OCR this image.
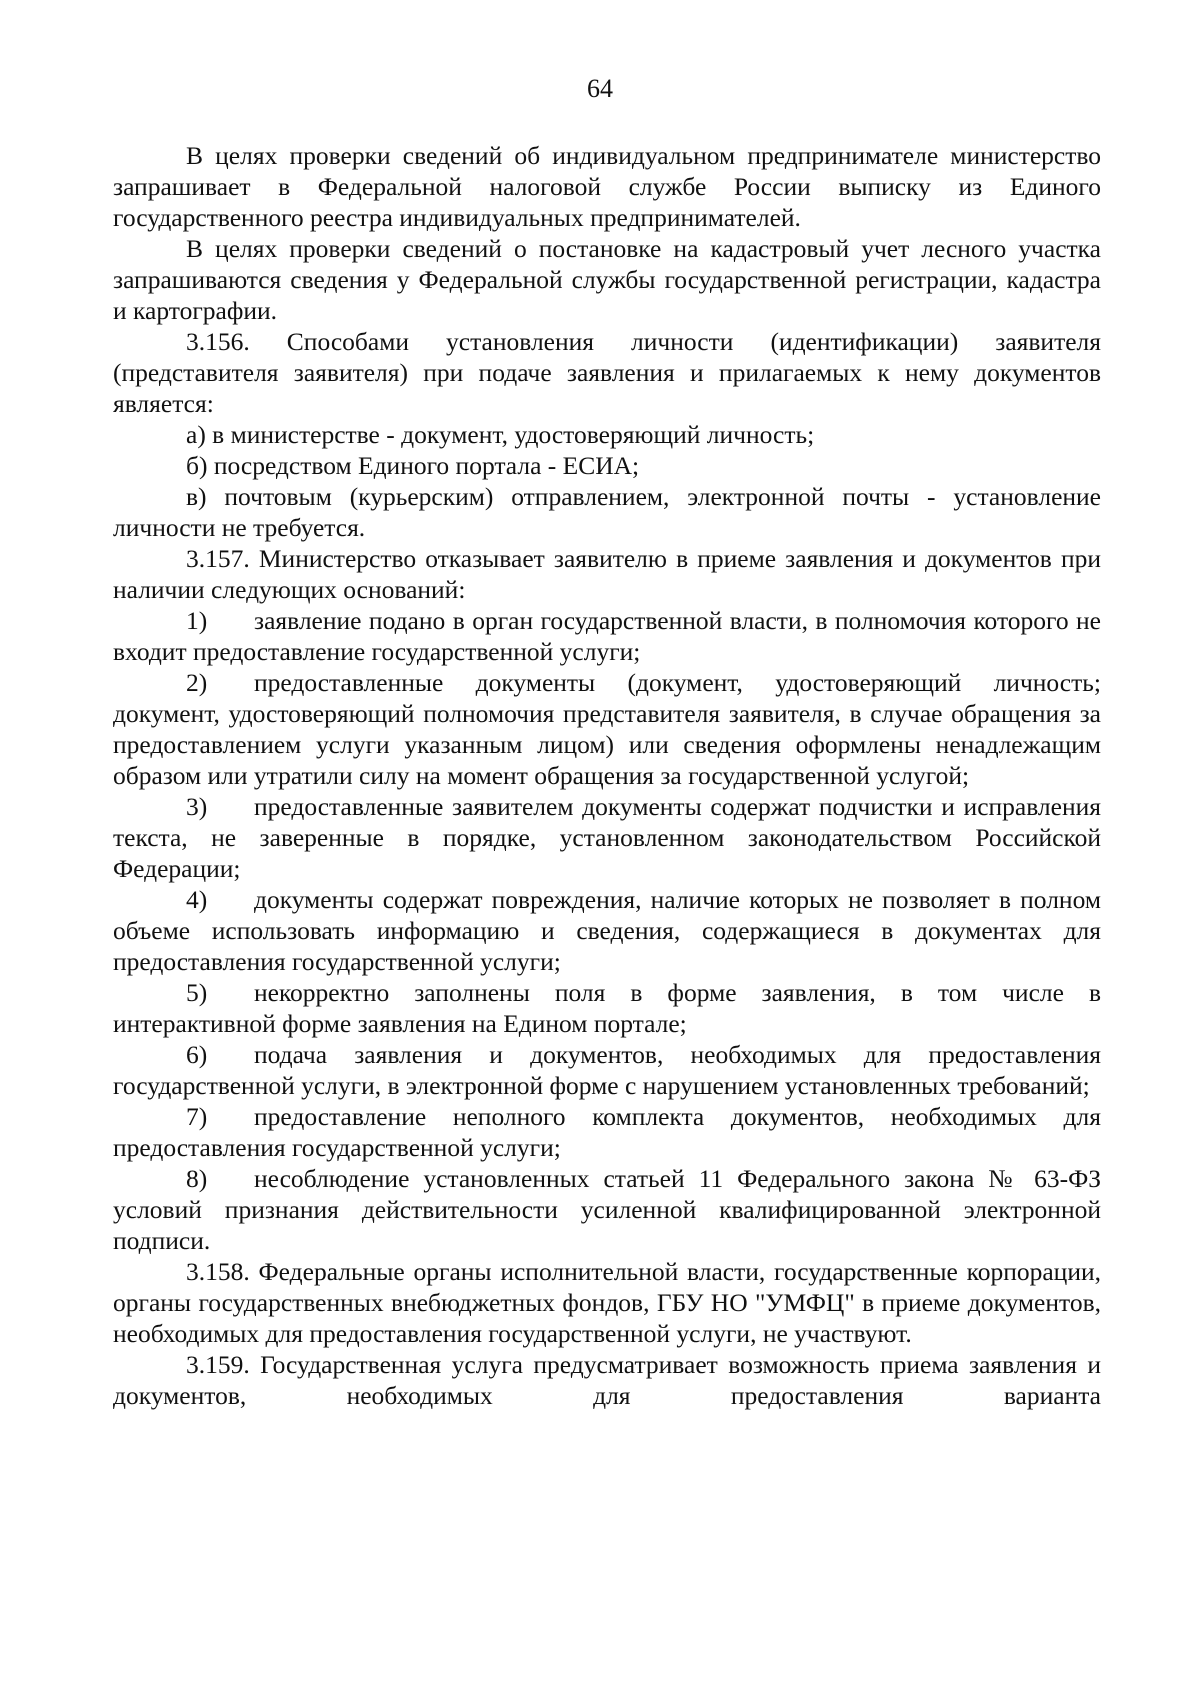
64

В целях проверки сведений об индивидуальном предпринимателе министерство запрашивает в Федеральной налоговой службе России выписку из Единого государственного реестра индивидуальных предпринимателей.

В целях проверки сведений о постановке на кадастровый учет лесного участка запрашиваются сведения у Федеральной службы государственной регистрации, кадастра и картографии.

3.156. Способами установления личности (идентификации) заявителя (представителя заявителя) при подаче заявления и прилагаемых к нему документов является:

а) в министерстве - документ, удостоверяющий личность;

б) посредством Единого портала - ЕСИА;

в) почтовым (курьерским) отправлением, электронной почты - установление личности не требуется.

3.157. Министерство отказывает заявителю в приеме заявления и документов при наличии следующих оснований:

1) заявление подано в орган государственной власти, в полномочия которого не входит предоставление государственной услуги;

2) предоставленные документы (документ, удостоверяющий личность; документ, удостоверяющий полномочия представителя заявителя, в случае обращения за предоставлением услуги указанным лицом) или сведения оформлены ненадлежащим образом или утратили силу на момент обращения за государственной услугой;

3) предоставленные заявителем документы содержат подчистки и исправления текста, не заверенные в порядке, установленном законодательством Российской Федерации;

4) документы содержат повреждения, наличие которых не позволяет в полном объеме использовать информацию и сведения, содержащиеся в документах для предоставления государственной услуги;

5) некорректно заполнены поля в форме заявления, в том числе в интерактивной форме заявления на Едином портале;

6) подача заявления и документов, необходимых для предоставления государственной услуги, в электронной форме с нарушением установленных требований;

7) предоставление неполного комплекта документов, необходимых для предоставления государственной услуги;

8) несоблюдение установленных статьей 11 Федерального закона № 63-ФЗ условий признания действительности усиленной квалифицированной электронной подписи.

3.158. Федеральные органы исполнительной власти, государственные корпорации, органы государственных внебюджетных фондов, ГБУ НО "УМФЦ" в приеме документов, необходимых для предоставления государственной услуги, не участвуют.

3.159. Государственная услуга предусматривает возможность приема заявления и документов, необходимых для предоставления варианта
